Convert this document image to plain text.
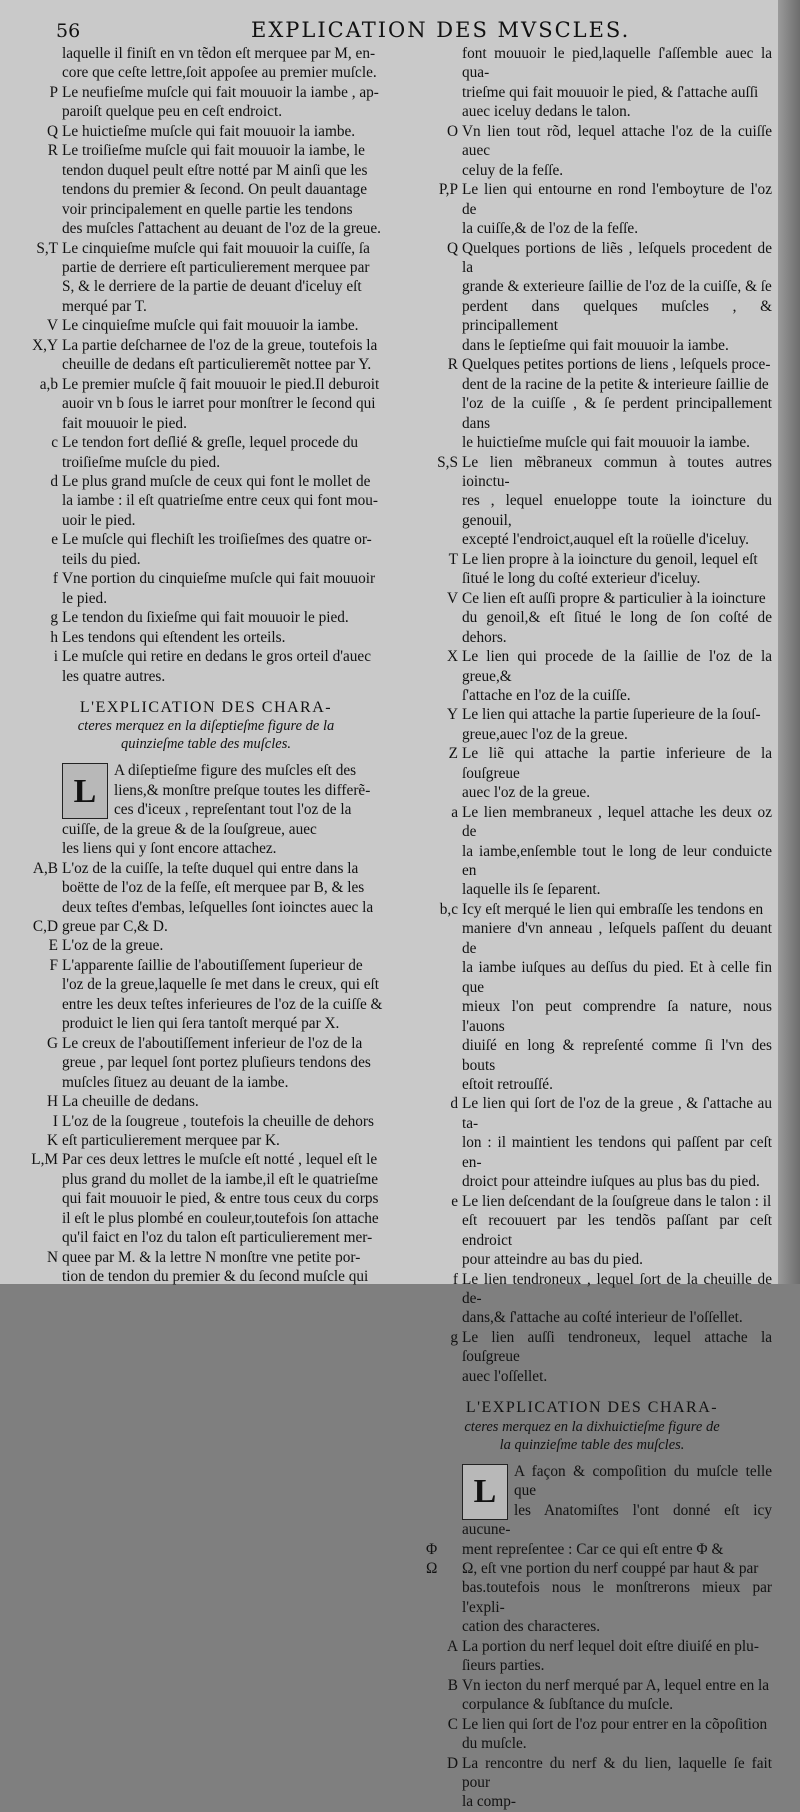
56	EXPLICATION DES MVSCLES.
laquelle il finiſt en vn tẽdon eſt merquee par M, en-
core que ceſte lettre,ſoit appoſee au premier muſcle.
P Le neufieſme muſcle qui fait mouuoir la iambe , ap-
paroiſt quelque peu en ceſt endroict.
Q Le huictieſme muſcle qui fait mouuoir la iambe.
R Le troiſieſme muſcle qui fait mouuoir la iambe, le
tendon duquel peult eſtre notté par M ainſi que les
tendons du premier & ſecond. On peult dauantage
voir principalement en quelle partie les tendons
des muſcles ſ'attachent au deuant de l'oz de la greue.
S,T Le cinquieſme muſcle qui fait mouuoir la cuiſſe, ſa
partie de derriere eſt particulierement merquee par
S, & le derriere de la partie de deuant d'iceluy eſt
merqué par T.
V Le cinquieſme muſcle qui fait mouuoir la iambe.
X,Y La partie deſcharnee de l'oz de la greue, toutefois la
cheuille de dedans eſt particulieremẽt nottee par Y.
a,b Le premier muſcle q̃ fait mouuoir le pied.Il deburoit
auoir vn b ſous le iarret pour monſtrer le ſecond qui
fait mouuoir le pied.
c Le tendon fort deſlié & greſle, lequel procede du
troiſieſme muſcle du pied.
d Le plus grand muſcle de ceux qui font le mollet de
la iambe : il eſt quatrieſme entre ceux qui font mou-
uoir le pied.
e Le muſcle qui flechiſt les troiſieſmes des quatre or-
teils du pied.
f Vne portion du cinquieſme muſcle qui fait mouuoir
le pied.
g Le tendon du ſixieſme qui fait mouuoir le pied.
h Les tendons qui eſtendent les orteils.
i Le muſcle qui retire en dedans le gros orteil d'auec
les quatre autres.
L'EXPLICATION DES CHARA-
cteres merquez en la diſeptieſme figure de la
quinzieſme table des muſcles.
L
A diſeptieſme figure des muſcles eſt des
liens,& monſtre preſque toutes les differẽ-
ces d'iceux , repreſentant tout l'oz de la
cuiſſe, de la greue & de la ſouſgreue, auec
les liens qui y ſont encore attachez.
A,B L'oz de la cuiſſe, la teſte duquel qui entre dans la
boëtte de l'oz de la feſſe, eſt merquee par B, & les
deux teſtes d'embas, leſquelles ſont ioinctes auec la
C,D greue par C,& D.
E L'oz de la greue.
F L'apparente ſaillie de l'aboutiſſement ſuperieur de
l'oz de la greue,laquelle ſe met dans le creux, qui eſt
entre les deux teſtes inferieures de l'oz de la cuiſſe &
produict le lien qui ſera tantoſt merqué par X.
G Le creux de l'aboutiſſement inferieur de l'oz de la
greue , par lequel ſont portez pluſieurs tendons des
muſcles ſituez au deuant de la iambe.
H La cheuille de dedans.
I L'oz de la ſougreue , toutefois la cheuille de dehors
K eſt particulierement merquee par K.
L,M Par ces deux lettres le muſcle eſt notté , lequel eſt le
plus grand du mollet de la iambe,il eſt le quatrieſme
qui fait mouuoir le pied, & entre tous ceux du corps
il eſt le plus plombé en couleur,toutefois ſon attache
qu'il faict en l'oz du talon eſt particulierement mer-
N quee par M. & la lettre N monſtre vne petite por-
tion de tendon du premier & du ſecond muſcle qui
font mouuoir le pied,laquelle ſ'aſſemble auec la qua-
trieſme qui fait mouuoir le pied, & ſ'attache auſſi
auec iceluy dedans le talon.
O Vn lien tout rõd, lequel attache l'oz de la cuiſſe auec
celuy de la feſſe.
P,P Le lien qui entourne en rond l'emboyture de l'oz de
la cuiſſe,& de l'oz de la feſſe.
Q Quelques portions de liẽs , leſquels procedent de la
grande & exterieure ſaillie de l'oz de la cuiſſe, & ſe
perdent dans quelques muſcles , & principallement
dans le ſeptieſme qui fait mouuoir la iambe.
R Quelques petites portions de liens , leſquels proce-
dent de la racine de la petite & interieure ſaillie de
l'oz de la cuiſſe , & ſe perdent principallement dans
le huictieſme muſcle qui fait mouuoir la iambe.
S,S Le lien mẽbraneux commun à toutes autres ioinctu-
res , lequel enueloppe toute la ioincture du genouil,
excepté l'endroict,auquel eſt la roüelle d'iceluy.
T Le lien propre à la ioincture du genoil, lequel eſt
ſitué le long du coſté exterieur d'iceluy.
V Ce lien eſt auſſi propre & particulier à la ioincture
du genoil,& eſt ſitué le long de ſon coſté de dehors.
X Le lien qui procede de la ſaillie de l'oz de la greue,&
ſ'attache en l'oz de la cuiſſe.
Y Le lien qui attache la partie ſuperieure de la ſouſ-
greue,auec l'oz de la greue.
Z Le liẽ qui attache la partie inferieure de la ſouſgreue
auec l'oz de la greue.
a Le lien membraneux , lequel attache les deux oz de
la iambe,enſemble tout le long de leur conduicte en
laquelle ils ſe ſeparent.
b,c Icy eſt merqué le lien qui embraſſe les tendons en
maniere d'vn anneau , leſquels paſſent du deuant de
la iambe iuſques au deſſus du pied. Et à celle fin que
mieux l'on peut comprendre ſa nature, nous l'auons
diuiſé en long & repreſenté comme ſi l'vn des bouts
eſtoit retrouſſé.
d Le lien qui ſort de l'oz de la greue , & ſ'attache au ta-
lon : il maintient les tendons qui paſſent par ceſt en-
droict pour atteindre iuſques au plus bas du pied.
e Le lien deſcendant de la ſouſgreue dans le talon : il
eſt recouuert par les tendõs paſſant par ceſt endroict
pour atteindre au bas du pied.
f Le lien tendroneux , lequel ſort de la cheuille de de-
dans,& ſ'attache au coſté interieur de l'oſſellet.
g Le lien auſſi tendroneux, lequel attache la ſouſgreue
auec l'oſſellet.
L'EXPLICATION DES CHARA-
cteres merquez en la dixhuictieſme figure de
la quinzieſme table des muſcles.
L
A façon & compoſition du muſcle telle que
les Anatomiſtes l'ont donné eſt icy aucune-

Φ ment repreſentee : Car ce qui eſt entre Φ &

Ω Ω, eſt vne portion du nerf couppé par haut & par
bas.toutefois nous le monſtrerons mieux par l'expli-
cation des characteres.
A La portion du nerf lequel doit eſtre diuiſé en plu-
ſieurs parties.
B Vn iecton du nerf merqué par A, lequel entre en la
corpulance & ſubſtance du muſcle.
C Le lien qui ſort de l'oz pour entrer en la cõpoſition
du muſcle.
D La rencontre du nerf & du lien, laquelle ſe fait pour
la comp-
